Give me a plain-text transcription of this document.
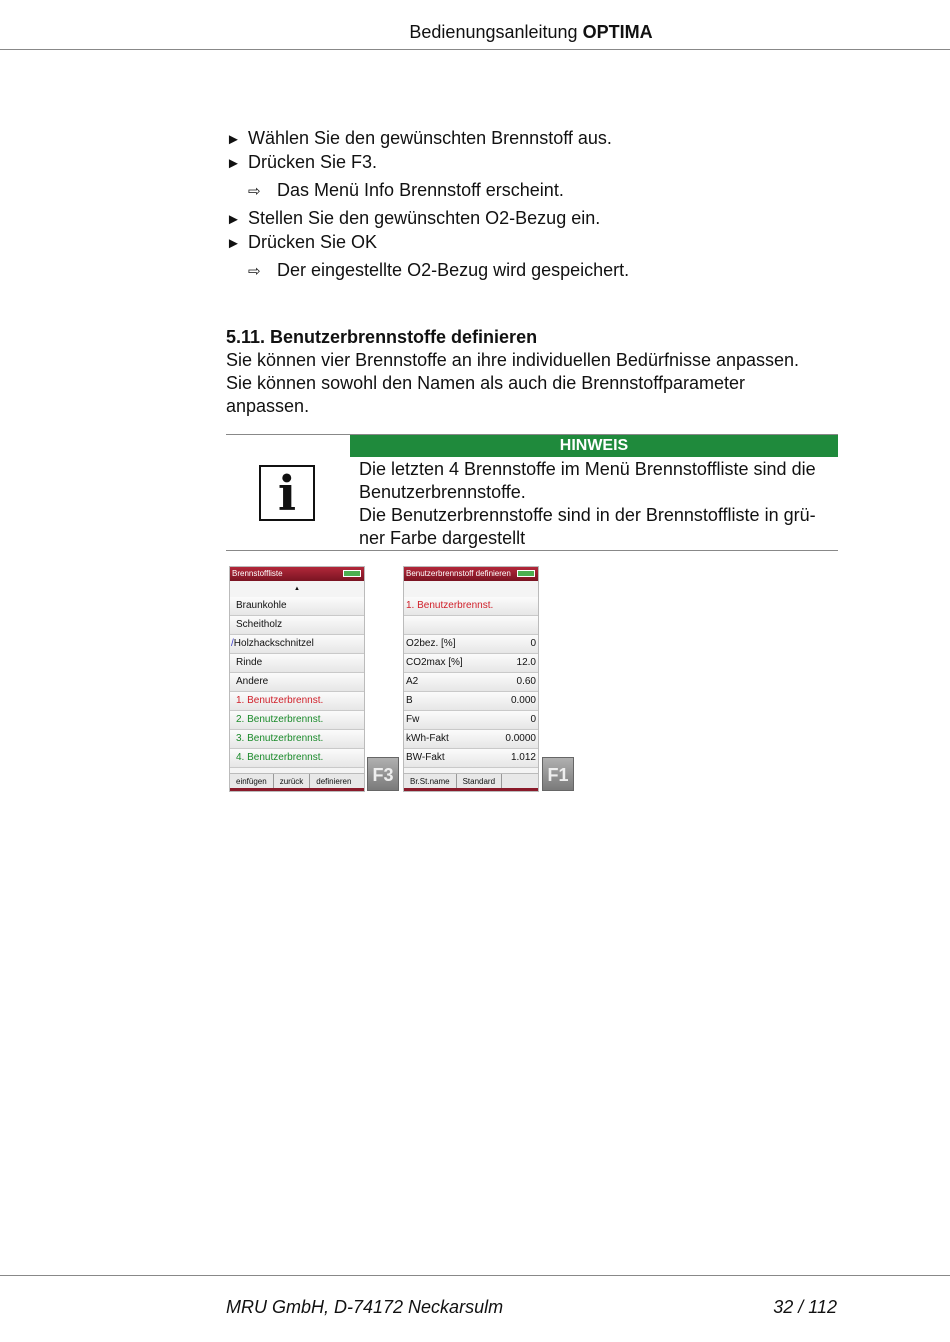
Bedienungsanleitung OPTIMA
► Wählen Sie den gewünschten Brennstoff aus.
► Drücken Sie F3.
⇨ Das Menü Info Brennstoff erscheint.
► Stellen Sie den gewünschten O2-Bezug ein.
► Drücken Sie OK
⇨ Der eingestellte O2-Bezug wird gespeichert.
5.11. Benutzerbrennstoffe definieren
Sie können vier Brennstoffe an ihre individuellen Bedürfnisse anpassen.
Sie können sowohl den Namen als auch die Brennstoffparameter
anpassen.
i
HINWEIS
Die letzten 4 Brennstoffe im Menü Brennstoffliste sind die
Benutzerbrennstoffe.
Die Benutzerbrennstoffe sind in der Brennstoffliste in grü-
ner Farbe dargestellt
Brennstoffliste
▲
Braunkohle
Scheitholz
/Holzhackschnitzel
Rinde
Andere
1. Benutzerbrennst.
2. Benutzerbrennst.
3. Benutzerbrennst.
4. Benutzerbrennst.
einfügen	zurück	definieren	F3
Benutzerbrennstoff definieren
1. Benutzerbrennst.
O2bez. [%]	0
CO2max [%]	12.0
A2	0.60
B	0.000
Fw	0
kWh-Fakt	0.0000
BW-Fakt	1.012
Br.St.name	Standard	F1
MRU GmbH, D-74172 Neckarsulm	32 / 112
